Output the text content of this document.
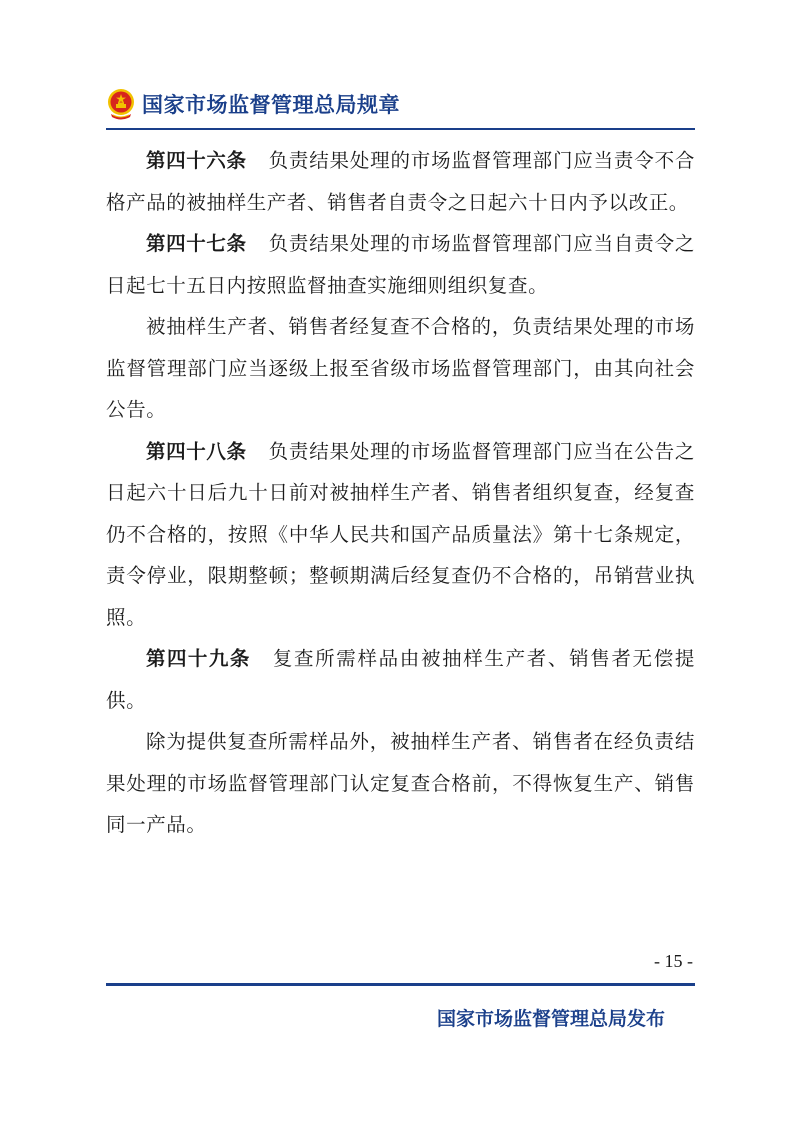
国家市场监督管理总局规章

第四十六条 负责结果处理的市场监督管理部门应当责令不合格产品的被抽样生产者、销售者自责令之日起六十日内予以改正。

第四十七条 负责结果处理的市场监督管理部门应当自责令之日起七十五日内按照监督抽查实施细则组织复查。

被抽样生产者、销售者经复查不合格的，负责结果处理的市场监督管理部门应当逐级上报至省级市场监督管理部门，由其向社会公告。

第四十八条 负责结果处理的市场监督管理部门应当在公告之日起六十日后九十日前对被抽样生产者、销售者组织复查，经复查仍不合格的，按照《中华人民共和国产品质量法》第十七条规定，责令停业，限期整顿；整顿期满后经复查仍不合格的，吊销营业执照。

第四十九条 复查所需样品由被抽样生产者、销售者无偿提供。

除为提供复查所需样品外，被抽样生产者、销售者在经负责结果处理的市场监督管理部门认定复查合格前，不得恢复生产、销售同一产品。

- 15 -
国家市场监督管理总局发布
